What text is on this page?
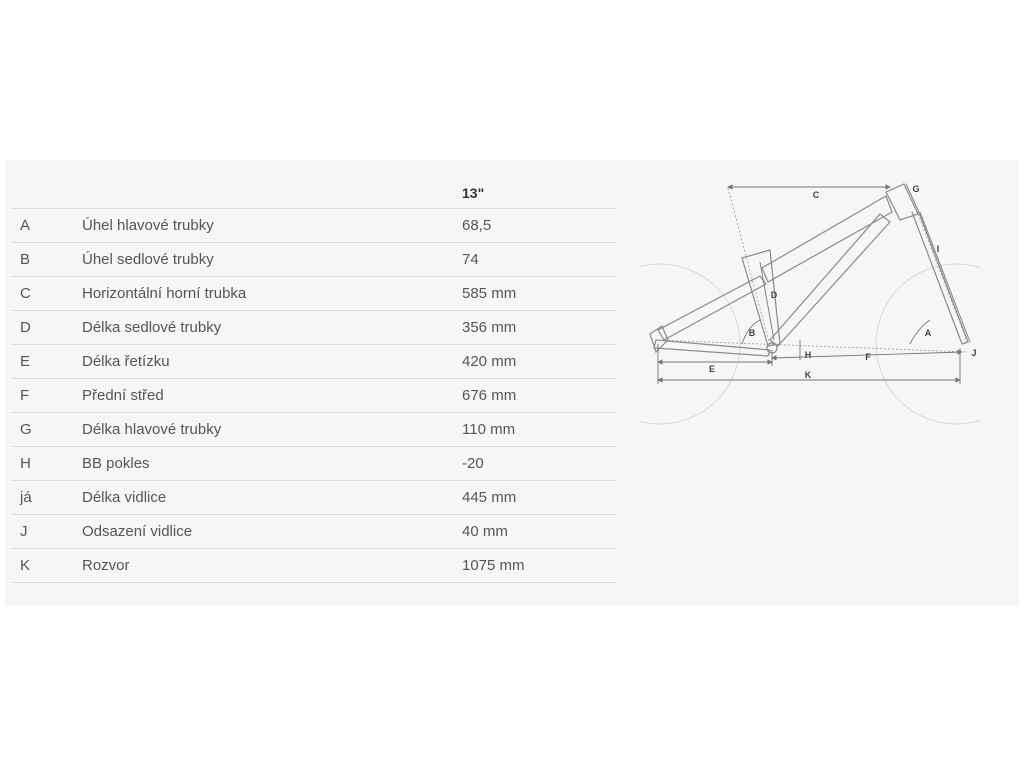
13"
A	Úhel hlavové trubky	68,5
B	Úhel sedlové trubky	74
C	Horizontální horní trubka	585 mm
D	Délka sedlové trubky	356 mm
E	Délka řetízku	420 mm
F	Přední střed	676 mm
G	Délka hlavové trubky	110 mm
H	BB pokles	-20
já	Délka vidlice	445 mm
J	Odsazení vidlice	40 mm
K	Rozvor	1075 mm
C
G
I
D
B	A
H	F	J
E
K
